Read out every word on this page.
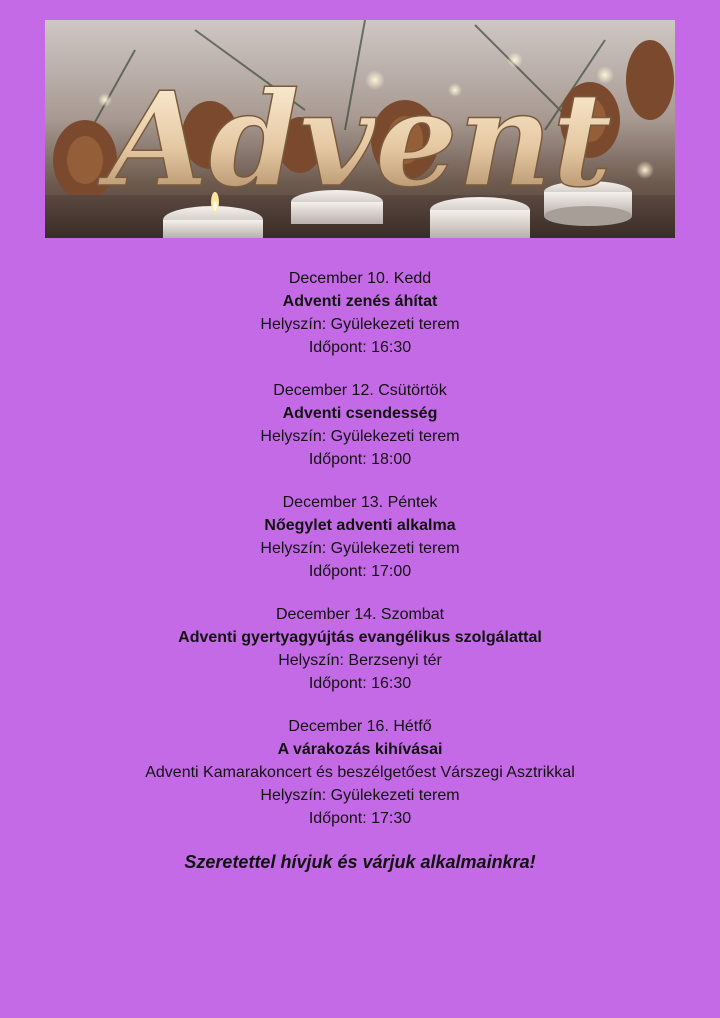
Advent
December 10. Kedd
Adventi zenés áhítat
Helyszín: Gyülekezeti terem
Időpont: 16:30
December 12. Csütörtök
Adventi csendesség
Helyszín: Gyülekezeti terem
Időpont: 18:00
December 13. Péntek
Nőegylet adventi alkalma
Helyszín: Gyülekezeti terem
Időpont: 17:00
December 14. Szombat
Adventi gyertyagyújtás evangélikus szolgálattal
Helyszín: Berzsenyi tér
Időpont: 16:30
December 16. Hétfő
A várakozás kihívásai
Adventi Kamarakoncert és beszélgetőest Várszegi Asztrikkal
Helyszín: Gyülekezeti terem
Időpont: 17:30
Szeretettel hívjuk és várjuk alkalmainkra!
